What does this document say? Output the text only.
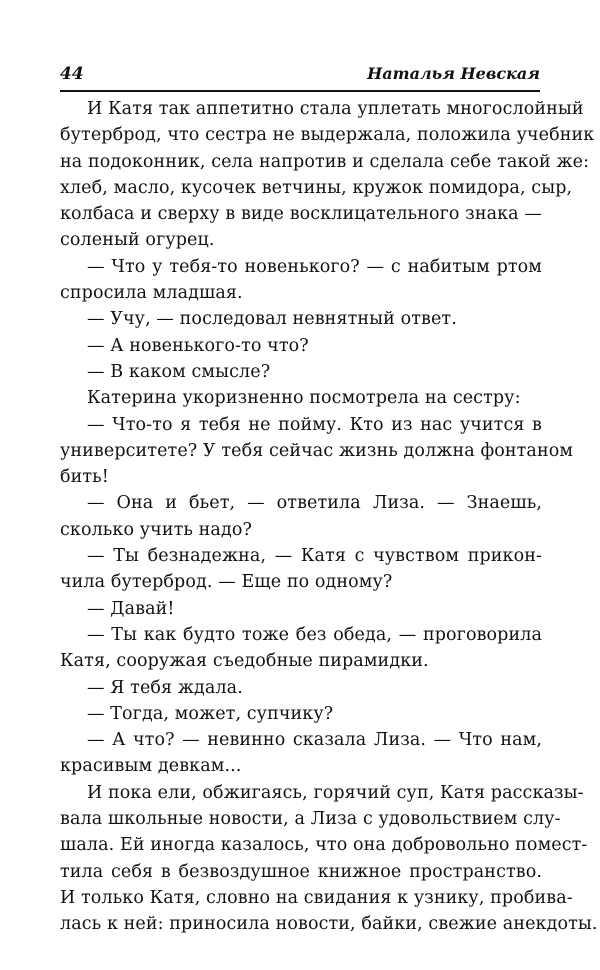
44	Наталья Невская
И Катя так аппетитно стала уплетать многослойный
бутерброд, что сестра не выдержала, положила учебник
на подоконник, села напротив и сделала себе такой же:
хлеб, масло, кусочек ветчины, кружок помидора, сыр,
колбаса и сверху в виде восклицательного знака —
соленый огурец.
— Что у тебя-то новенького? — с набитым ртом
спросила младшая.
— Учу, — последовал невнятный ответ.
— А новенького-то что?
— В каком смысле?
Катерина укоризненно посмотрела на сестру:
— Что-то я тебя не пойму. Кто из нас учится в
университете? У тебя сейчас жизнь должна фонтаном
бить!
— Она и бьет, — ответила Лиза. — Знаешь,
сколько учить надо?
— Ты безнадежна, — Катя с чувством прикон-
чила бутерброд. — Еще по одному?
— Давай!
— Ты как будто тоже без обеда, — проговорила
Катя, сооружая съедобные пирамидки.
— Я тебя ждала.
— Тогда, может, супчику?
— А что? — невинно сказала Лиза. — Что нам,
красивым девкам...
И пока ели, обжигаясь, горячий суп, Катя рассказы-
вала школьные новости, а Лиза с удовольствием слу-
шала. Ей иногда казалось, что она добровольно помест-
тила себя в безвоздушное книжное пространство.
И только Катя, словно на свидания к узнику, пробива-
лась к ней: приносила новости, байки, свежие анекдоты.
